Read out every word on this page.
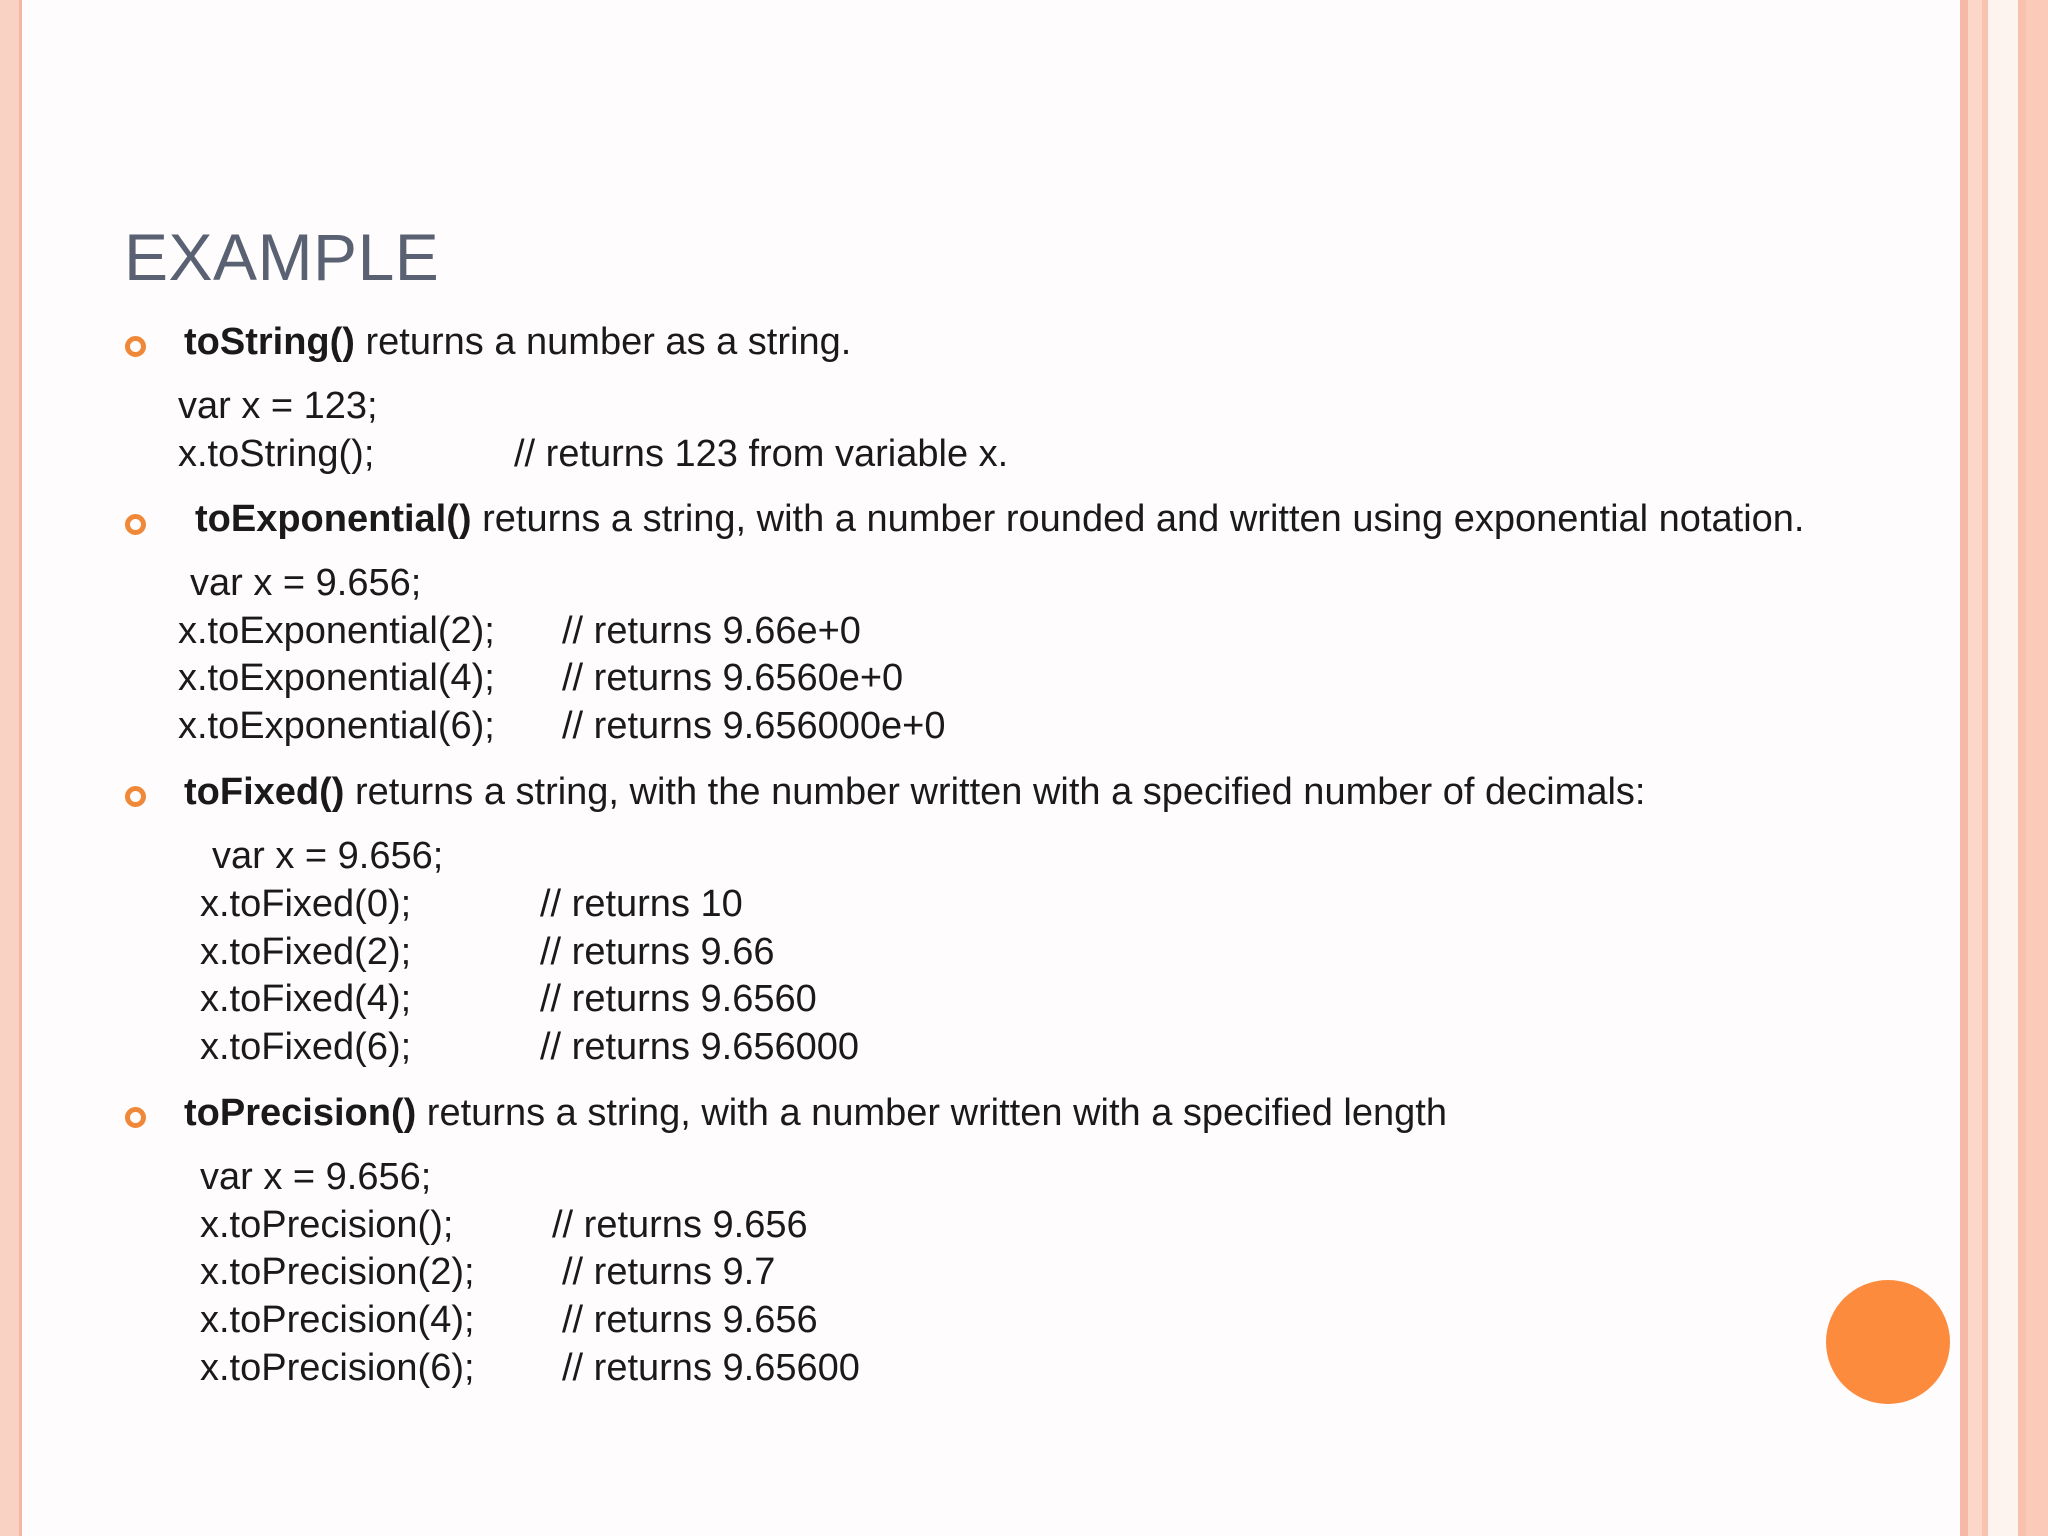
EXAMPLE
toString() returns a number as a string.
var x = 123;
x.toString();	// returns 123 from variable x.
toExponential() returns a string, with a number rounded and written using exponential notation.
var x = 9.656;
x.toExponential(2); // returns 9.66e+0
x.toExponential(4); // returns 9.6560e+0
x.toExponential(6); // returns 9.656000e+0
toFixed() returns a string, with the number written with a specified number of decimals:
var x = 9.656;
x.toFixed(0);	// returns 10
x.toFixed(2);	// returns 9.66
x.toFixed(4);	// returns 9.6560
x.toFixed(6);	// returns 9.656000
toPrecision() returns a string, with a number written with a specified length
var x = 9.656;
x.toPrecision();	// returns 9.656
x.toPrecision(2); // returns 9.7
x.toPrecision(4); // returns 9.656
x.toPrecision(6); // returns 9.65600
